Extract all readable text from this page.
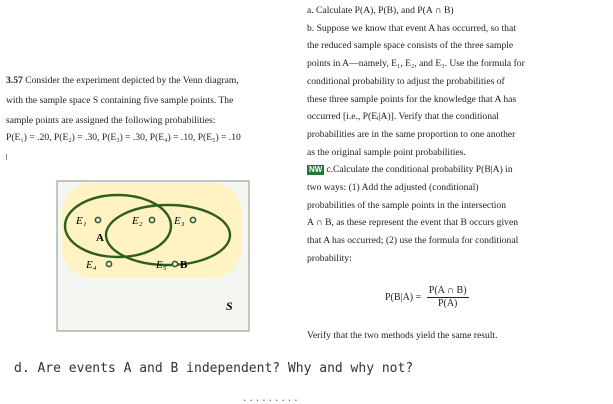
3.57 Consider the experiment depicted by the Venn diagram,
with the sample space S containing five sample points. The
sample points are assigned the following probabilities:
P(E₁) = .20, P(E₂) = .30, P(E₃) = .30, P(E₄) = .10, P(E₅) = .10
E₁	E₂	E₃
A
E₄	E₅ B
S
a. Calculate P(A), P(B), and P(A ∩ B)
b. Suppose we know that event A has occurred, so that
the reduced sample space consists of the three sample
points in A—namely, E₁, E₂, and E₃. Use the formula for
conditional probability to adjust the probabilities of
these three sample points for the knowledge that A has
occurred [i.e., P(Eᵢ|A)]. Verify that the conditional
probabilities are in the same proportion to one another
as the original sample point probabilities.
NW c.Calculate the conditional probability P(B|A) in
two ways: (1) Add the adjusted (conditional)
probabilities of the sample points in the intersection
A ∩ B, as these represent the event that B occurs given
that A has occurred; (2) use the formula for conditional
probability:
$P(B|A) = \frac{P(A \cap B)}{P(A)}$
Verify that the two methods yield the same result.
d. Are events A and B independent? Why and why not?
.........
